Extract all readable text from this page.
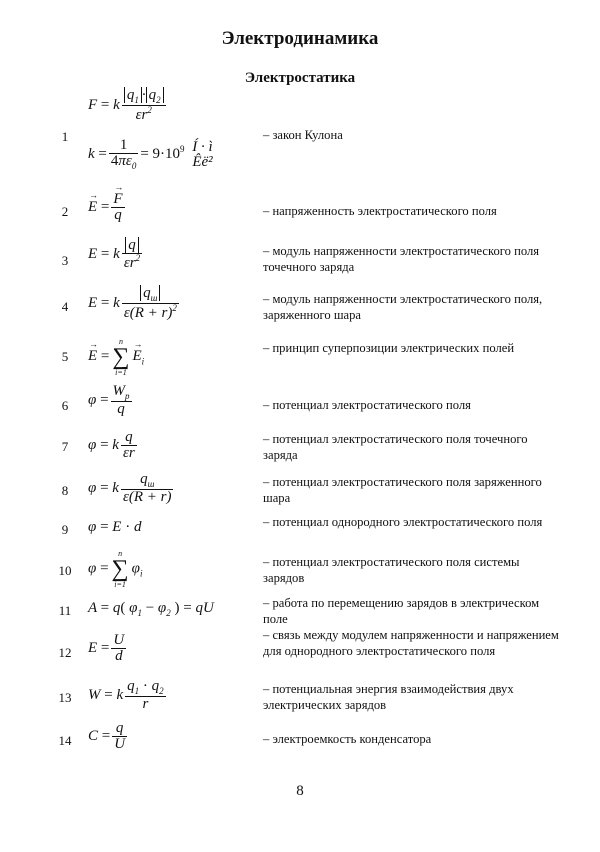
Электродинамика
Электростатика
1	– закон Кулона
F = k $\frac{q_1 \cdot q_2}{\varepsilon r^2}$
$k = \frac{1}{4\pi\varepsilon_0} = 9\cdot 10^9$ Í · ì
Êë²
2	– напряженность электростатического поля
→ E =
→ $\frac{F}{q}$
3
– модуль напряженности электростатического поля точечного заряда
E = k $\frac{q}{\varepsilon r^2}$
4	– модуль напряженности электростатического поля, заряженного шара
E = k $\frac{q_ш}{\varepsilon(R + r)^2}$
5
– принцип суперпозиции электрических полей
→ E =
n
∑
i=1
→ $E_i$
6	– потенциал электростатического поля
$\varphi = \frac{W_p}{q}$
7	– потенциал электростатического поля точечного заряда
φ = k $\frac{q}{\varepsilon r}$
8
– потенциал электростатического поля заряженного шара
φ = k $\frac{q_ш}{\varepsilon(R + r)}$
9	– потенциал однородного электростатического поля
φ = E · d
10
– потенциал электростатического поля системы зарядов
φ =
n
∑
i=1
$\varphi_i$
11	– работа по перемещению зарядов в электрическом поле
A = q( $\varphi_1 - \varphi_2$ ) = qU
12
– связь между модулем напряженности и напряжением для однородного электростатического поля
$E = \frac{U}{d}$
13
– потенциальная энергия взаимодействия двух электрических зарядов
W = k $\frac{q_1 \cdot q_2}{r}$
14	– электроемкость конденсатора
$C = \frac{q}{U}$
8
